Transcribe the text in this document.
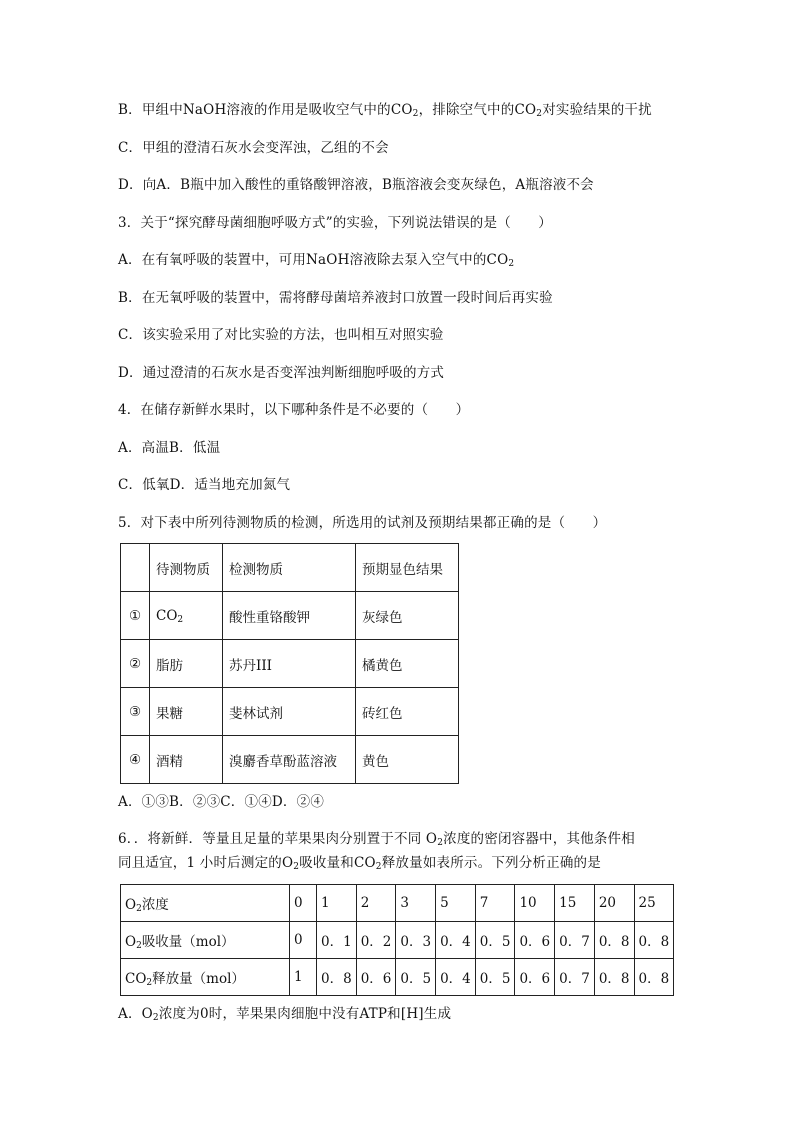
B．甲组中NaOH溶液的作用是吸收空气中的$CO_2$，排除空气中的$CO_2$对实验结果的干扰
C．甲组的澄清石灰水会变浑浊，乙组的不会
D．向A．B瓶中加入酸性的重铬酸钾溶液，B瓶溶液会变灰绿色，A瓶溶液不会
3．关于“探究酵母菌细胞呼吸方式”的实验，下列说法错误的是（　　）
A．在有氧呼吸的装置中，可用NaOH溶液除去泵入空气中的$CO_2$
B．在无氧呼吸的装置中，需将酵母菌培养液封口放置一段时间后再实验
C．该实验采用了对比实验的方法，也叫相互对照实验
D．通过澄清的石灰水是否变浑浊判断细胞呼吸的方式
4．在储存新鲜水果时，以下哪种条件是不必要的（　　）
A．高温B．低温
C．低氧D．适当地充加氮气
5．对下表中所列待测物质的检测，所选用的试剂及预期结果都正确的是（　　）
	待测物质	检测物质	预期显色结果
①	$CO_2$	酸性重铬酸钾	灰绿色
②	脂肪	苏丹III	橘黄色
③	果糖	斐林试剂	砖红色
④	酒精	溴麝香草酚蓝溶液	黄色
A．①③B．②③C．①④D．②④
6．．将新鲜．等量且足量的苹果果肉分别置于不同 $O_2$浓度的密闭容器中，其他条件相
同且适宜，1 小时后测定的$O_2$吸收量和$CO_2$释放量如表所示。下列分析正确的是
$O_2$浓度	0	1	2	3	5	7	10	15	20	25
$O_2$吸收量（mol）	0	0．1	0．2	0．3	0．4	0．5	0．6	0．7	0．8	0．8
$CO_2$释放量（mol）	1	0．8	0．6	0．5	0．4	0．5	0．6	0．7	0．8	0．8
A．$O_2$浓度为0时，苹果果肉细胞中没有ATP和[H]生成
